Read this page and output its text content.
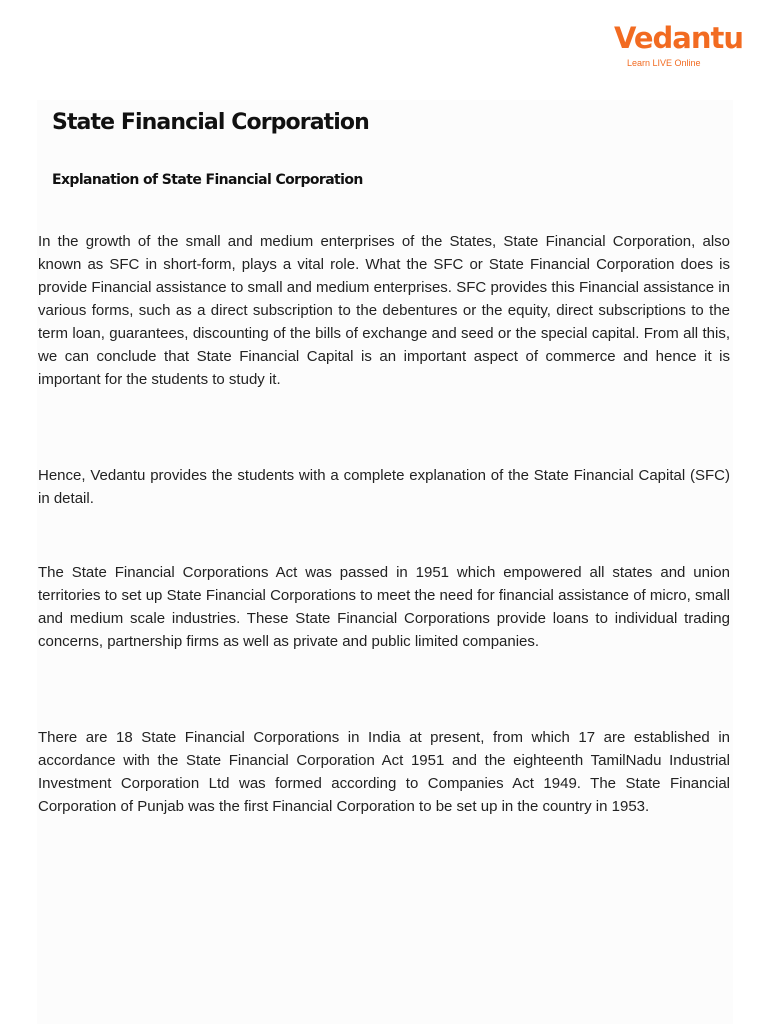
Vedantu
Learn LIVE Online
State Financial Corporation
Explanation of State Financial Corporation

In the growth of the small and medium enterprises of the States, State Financial Corporation, also known as SFC in short-form, plays a vital role. What the SFC or State Financial Corporation does is provide Financial assistance to small and medium enterprises. SFC provides this Financial assistance in various forms, such as a direct subscription to the debentures or the equity, direct subscriptions to the term loan, guarantees, discounting of the bills of exchange and seed or the special capital. From all this, we can conclude that State Financial Capital is an important aspect of commerce and hence it is important for the students to study it.

Hence, Vedantu provides the students with a complete explanation of the State Financial Capital (SFC) in detail.

The State Financial Corporations Act was passed in 1951 which empowered all states and union territories to set up State Financial Corporations to meet the need for financial assistance of micro, small and medium scale industries. These State Financial Corporations provide loans to individual trading concerns, partnership firms as well as private and public limited companies.

There are 18 State Financial Corporations in India at present, from which 17 are established in accordance with the State Financial Corporation Act 1951 and the eighteenth TamilNadu Industrial Investment Corporation Ltd was formed according to Companies Act 1949. The State Financial Corporation of Punjab was the first Financial Corporation to be set up in the country in 1953.
